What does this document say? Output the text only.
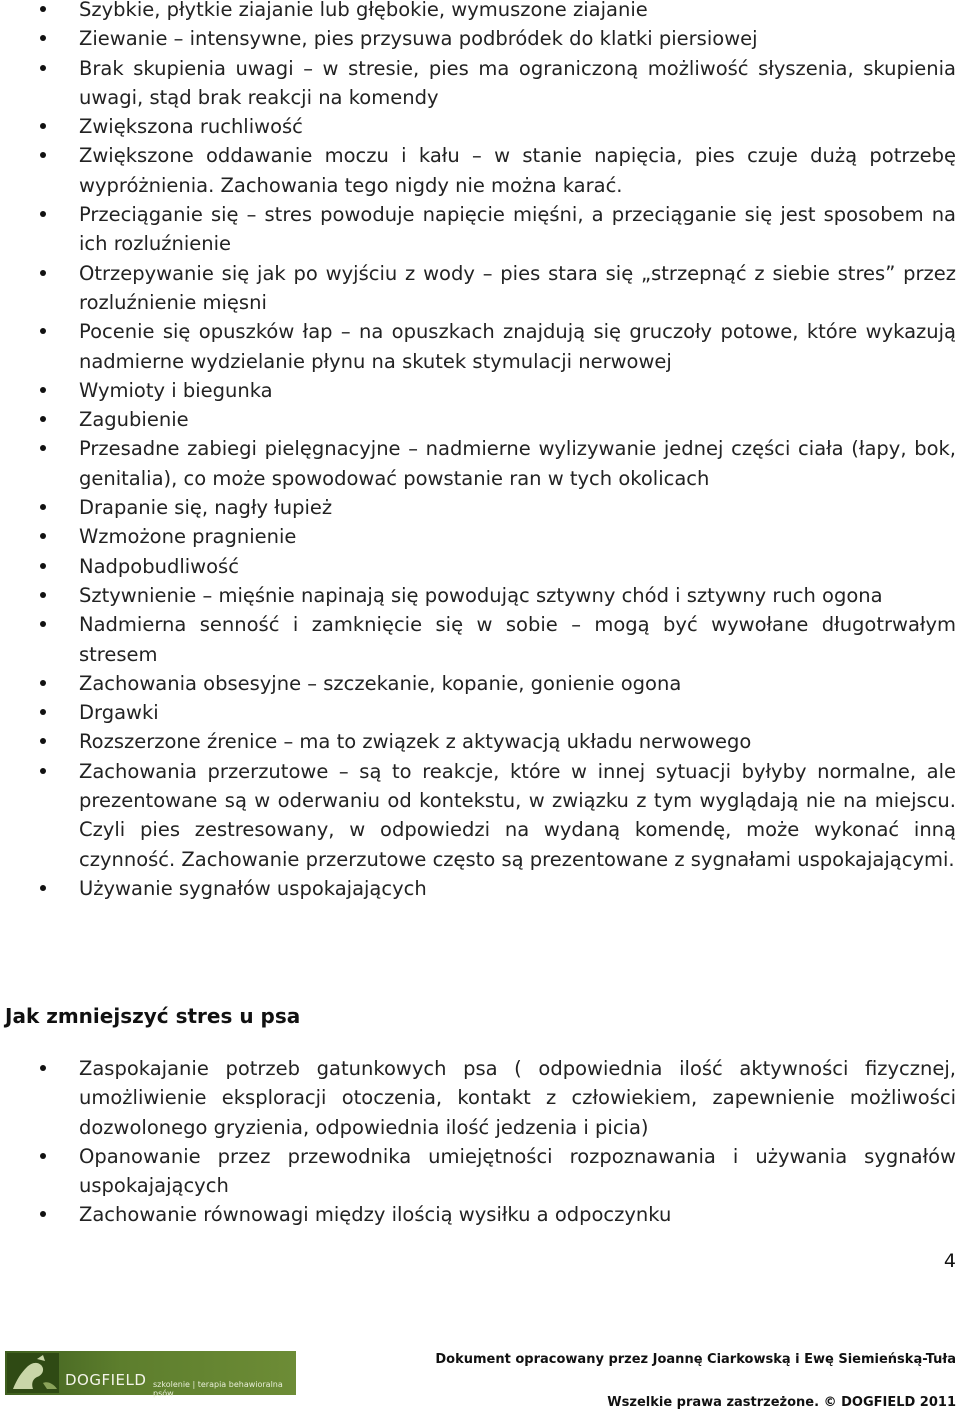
Szybkie, płytkie ziajanie lub głębokie, wymuszone ziajanie
Ziewanie – intensywne, pies przysuwa podbródek do klatki piersiowej
Brak skupienia uwagi – w stresie, pies ma ograniczoną możliwość słyszenia, skupienia uwagi, stąd brak reakcji na komendy
Zwiększona ruchliwość
Zwiększone oddawanie moczu i kału – w stanie napięcia, pies czuje dużą potrzebę wypróżnienia. Zachowania tego nigdy nie można karać.
Przeciąganie się – stres powoduje napięcie mięśni, a przeciąganie się jest sposobem na ich rozluźnienie
Otrzepywanie się jak po wyjściu z wody – pies stara się „strzepnąć z siebie stres” przez rozluźnienie mięsni
Pocenie się opuszków łap – na opuszkach znajdują się gruczoły potowe, które wykazują nadmierne wydzielanie płynu na skutek stymulacji nerwowej
Wymioty i biegunka
Zagubienie
Przesadne zabiegi pielęgnacyjne – nadmierne wylizywanie jednej części ciała (łapy, bok, genitalia), co może spowodować powstanie ran w tych okolicach
Drapanie się, nagły łupież
Wzmożone pragnienie
Nadpobudliwość
Sztywnienie – mięśnie napinają się powodując sztywny chód i sztywny ruch ogona
Nadmierna senność i zamknięcie się w sobie – mogą być wywołane długotrwałym stresem
Zachowania obsesyjne – szczekanie, kopanie, gonienie ogona
Drgawki
Rozszerzone źrenice – ma to związek z aktywacją układu nerwowego
Zachowania przerzutowe – są to reakcje, które w innej sytuacji byłyby normalne, ale prezentowane są w oderwaniu od kontekstu, w związku z tym wyglądają nie na miejscu. Czyli pies zestresowany, w odpowiedzi na wydaną komendę, może wykonać inną czynność. Zachowanie przerzutowe często są prezentowane z sygnałami uspokajającymi.
Używanie sygnałów uspokajających
Jak zmniejszyć stres u psa
Zaspokajanie potrzeb gatunkowych psa ( odpowiednia ilość aktywności fizycznej, umożliwienie eksploracji otoczenia, kontakt z człowiekiem, zapewnienie możliwości dozwolonego gryzienia, odpowiednia ilość jedzenia i picia)
Opanowanie przez przewodnika umiejętności rozpoznawania i używania sygnałów uspokajających
Zachowanie równowagi między ilością wysiłku a odpoczynku
4
DOGFIELD szkolenie | terapia behawioralna psów
Dokument opracowany przez Joannę Ciarkowską i Ewę Siemieńską-Tuła
Wszelkie prawa zastrzeżone. © DOGFIELD 2011
